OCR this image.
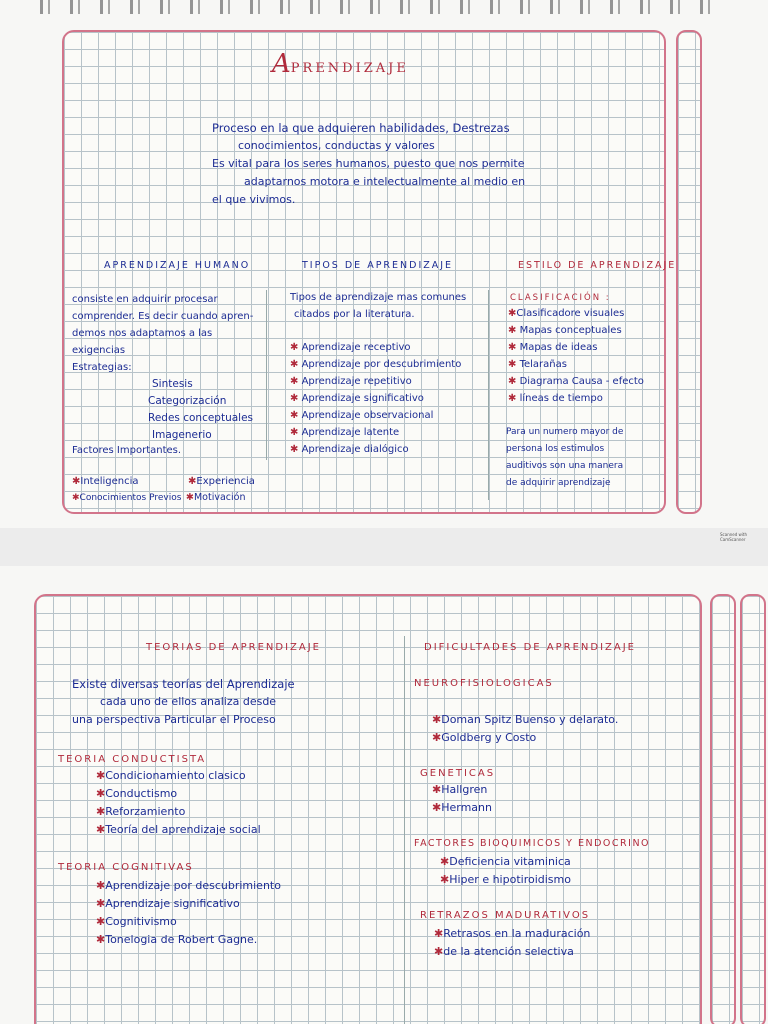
APRENDIZAJE
Proceso en la que adquieren habilidades, Destrezas
conocimientos, conductas y valores
Es vital para los seres humanos, puesto que nos permite
adaptarnos motora e intelectualmente al medio en
el que vivimos.
APRENDIZAJE HUMANO	TIPOS DE APRENDIZAJE	ESTILO DE APRENDIZAJE
consiste en adquirir procesar
comprender. Es decir cuando apren-
demos nos adaptamos a las
exigencias
Estrategias:
Sintesis
Categorización
Redes conceptuales
Imagenerio
Factores Importantes.
✱Inteligencia	✱Experiencia
✱Conocimientos Previos ✱Motivación
Tipos de aprendizaje mas comunes
citados por la literatura.
✱ Aprendizaje receptivo
✱ Aprendizaje por descubrimiento
✱ Aprendizaje repetitivo
✱ Aprendizaje significativo
✱ Aprendizaje observacional
✱ Aprendizaje latente
✱ Aprendizaje dialógico
CLASIFICACIÓN :
✱Clasificadore visuales
✱ Mapas conceptuales
✱ Mapas de ideas
✱ Telarañas
✱ Diagrama Causa - efecto
✱ líneas de tiempo
Para un numero mayor de
persona los estimulos
auditivos son una manera
de adquirir aprendizaje
Scanned with CamScanner
TEORIAS DE APRENDIZAJE
Existe diversas teorías del Aprendizaje
cada uno de ellos analiza desde
una perspectiva Particular el Proceso
TEORIA CONDUCTISTA
✱Condicionamiento clasico
✱Conductismo
✱Reforzamiento
✱Teoría del aprendizaje social
TEORIA COGNITIVAS
✱Aprendizaje por descubrimiento
✱Aprendizaje significativo
✱Cognitivismo
✱Tonelogia de Robert Gagne.
DIFICULTADES DE APRENDIZAJE
NEUROFISIOLOGICAS
✱Doman Spitz Buenso y delarato.
✱Goldberg y Costo
GENETICAS
✱Hallgren
✱Hermann
FACTORES BIOQUIMICOS Y ENDOCRINO
✱Deficiencia vitaminica
✱Hiper e hipotiroidismo
RETRAZOS MADURATIVOS
✱Retrasos en la maduración
✱de la atención selectiva
